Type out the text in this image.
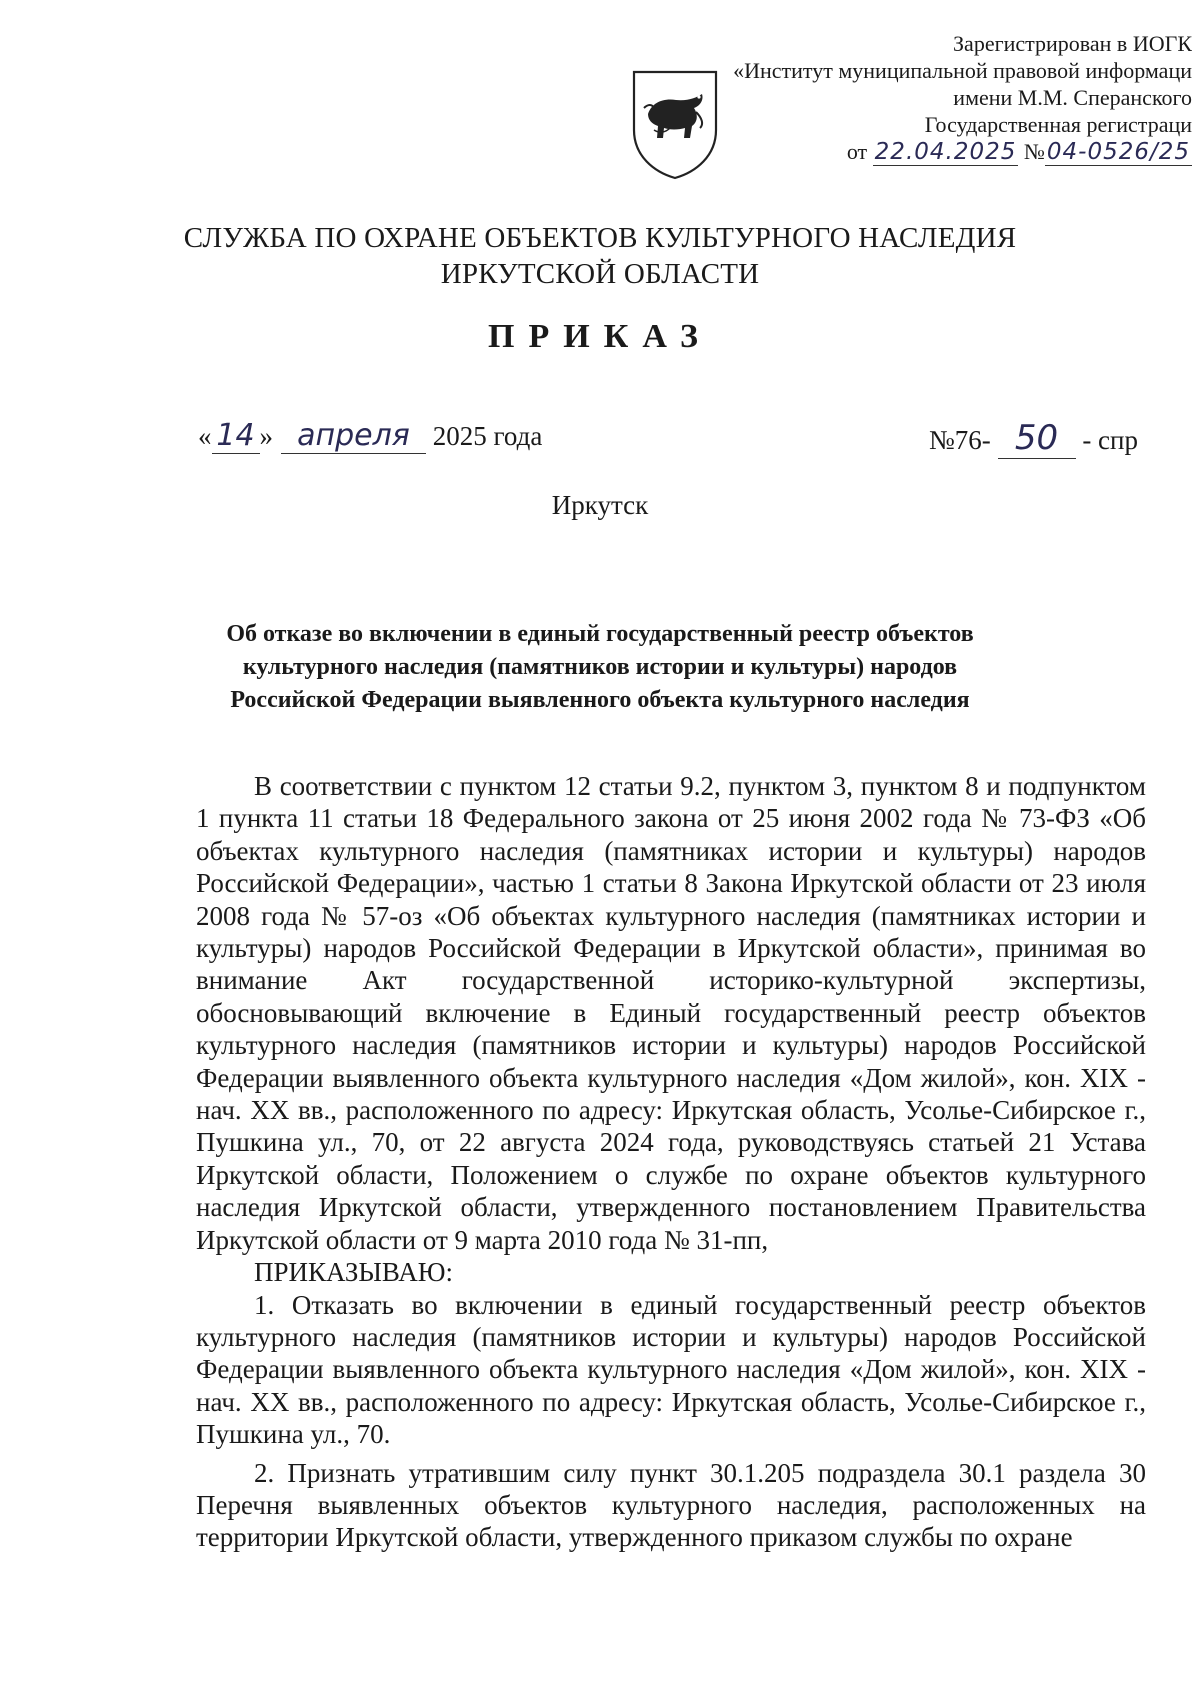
Зарегистрирован в ИОГК
«Институт муниципальной правовой информаци
имени М.М. Сперанского
Государственная регистраци
от 22.04.2025 №04-0526/25
СЛУЖБА ПО ОХРАНЕ ОБЪЕКТОВ КУЛЬТУРНОГО НАСЛЕДИЯ
ИРКУТСКОЙ ОБЛАСТИ
ПРИКАЗ
« 14 » апреля 2025 года	№76- 50 - спр
Иркутск
Об отказе во включении в единый государственный реестр объектов
культурного наследия (памятников истории и культуры) народов
Российской Федерации выявленного объекта культурного наследия

В соответствии с пунктом 12 статьи 9.2, пунктом 3, пунктом 8 и подпунктом 1 пункта 11 статьи 18 Федерального закона от 25 июня 2002 года № 73-ФЗ «Об объектах культурного наследия (памятниках истории и культуры) народов Российской Федерации», частью 1 статьи 8 Закона Иркутской области от 23 июля 2008 года № 57-оз «Об объектах культурного наследия (памятниках истории и культуры) народов Российской Федерации в Иркутской области», принимая во внимание Акт государственной историко-культурной экспертизы, обосновывающий включение в Единый государственный реестр объектов культурного наследия (памятников истории и культуры) народов Российской Федерации выявленного объекта культурного наследия «Дом жилой», кон. XIX - нач. XX вв., расположенного по адресу: Иркутская область, Усолье-Сибирское г., Пушкина ул., 70, от 22 августа 2024 года, руководствуясь статьей 21 Устава Иркутской области, Положением о службе по охране объектов культурного наследия Иркутской области, утвержденного постановлением Правительства Иркутской области от 9 марта 2010 года № 31-пп,

ПРИКАЗЫВАЮ:

1. Отказать во включении в единый государственный реестр объектов культурного наследия (памятников истории и культуры) народов Российской Федерации выявленного объекта культурного наследия «Дом жилой», кон. XIX - нач. XX вв., расположенного по адресу: Иркутская область, Усолье-Сибирское г., Пушкина ул., 70.

2. Признать утратившим силу пункт 30.1.205 подраздела 30.1 раздела 30 Перечня выявленных объектов культурного наследия, расположенных на территории Иркутской области, утвержденного приказом службы по охране
